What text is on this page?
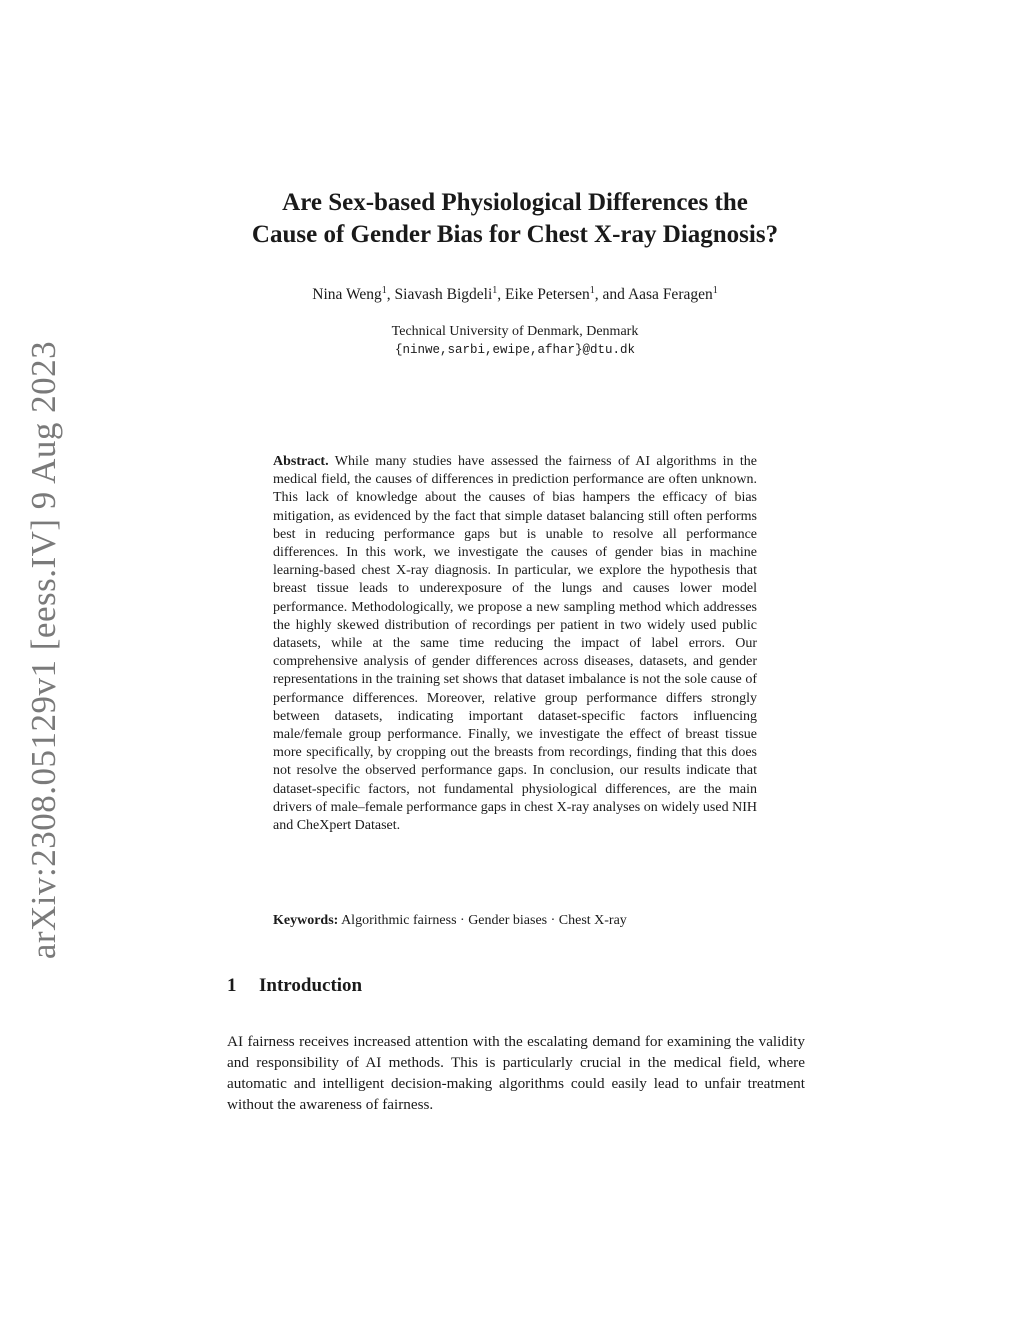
arXiv:2308.05129v1 [eess.IV] 9 Aug 2023
Are Sex-based Physiological Differences the
Cause of Gender Bias for Chest X-ray Diagnosis?
Nina Weng$^1$, Siavash Bigdeli$^1$, Eike Petersen$^1$, and Aasa Feragen$^1$
Technical University of Denmark, Denmark
{ninwe,sarbi,ewipe,afhar}@dtu.dk
Abstract. While many studies have assessed the fairness of AI algorithms in the medical field, the causes of differences in prediction performance are often unknown. This lack of knowledge about the causes of bias hampers the efficacy of bias mitigation, as evidenced by the fact that simple dataset balancing still often performs best in reducing performance gaps but is unable to resolve all performance differences. In this work, we investigate the causes of gender bias in machine learning-based chest X-ray diagnosis. In particular, we explore the hypothesis that breast tissue leads to underexposure of the lungs and causes lower model performance. Methodologically, we propose a new sampling method which addresses the highly skewed distribution of recordings per patient in two widely used public datasets, while at the same time reducing the impact of label errors. Our comprehensive analysis of gender differences across diseases, datasets, and gender representations in the training set shows that dataset imbalance is not the sole cause of performance differences. Moreover, relative group performance differs strongly between datasets, indicating important dataset-specific factors influencing male/female group performance. Finally, we investigate the effect of breast tissue more specifically, by cropping out the breasts from recordings, finding that this does not resolve the observed performance gaps. In conclusion, our results indicate that dataset-specific factors, not fundamental physiological differences, are the main drivers of male–female performance gaps in chest X-ray analyses on widely used NIH and CheXpert Dataset.
Keywords: Algorithmic fairness · Gender biases · Chest X-ray
1 Introduction
AI fairness receives increased attention with the escalating demand for examining the validity and responsibility of AI methods. This is particularly crucial in the medical field, where automatic and intelligent decision-making algorithms could easily lead to unfair treatment without the awareness of fairness.
